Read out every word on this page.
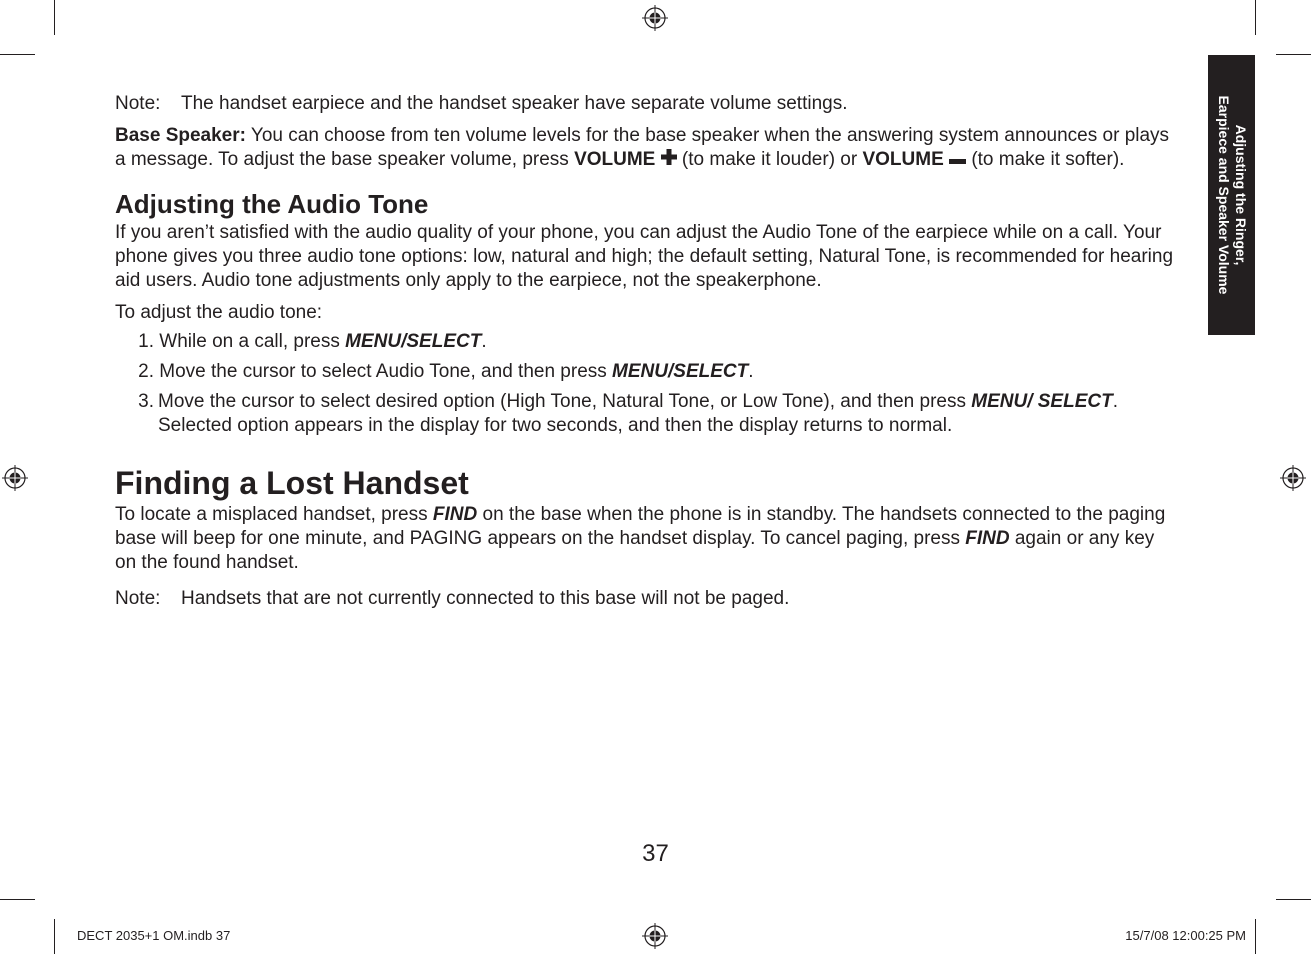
Adjusting the Ringer,
Earpiece and Speaker Volume

Note:	The handset earpiece and the handset speaker have separate volume settings.

Base Speaker: You can choose from ten volume levels for the base speaker when the answering system announces or plays a message. To adjust the base speaker volume, press VOLUME  (to make it louder) or VOLUME  (to make it softer).

Adjusting the Audio Tone

If you aren’t satisfied with the audio quality of your phone, you can adjust the Audio Tone of the earpiece while on a call. Your phone gives you three audio tone options: low, natural and high; the default setting, Natural Tone, is recommended for hearing aid users. Audio tone adjustments only apply to the earpiece, not the speakerphone.

To adjust the audio tone:

1. While on a call, press MENU/SELECT.
2. Move the cursor to select Audio Tone, and then press MENU/SELECT.
3. Move the cursor to select desired option (High Tone, Natural Tone, or Low Tone), and then press MENU/ SELECT. Selected option appears in the display for two seconds, and then the display returns to normal.
Finding a Lost Handset

To locate a misplaced handset, press FIND on the base when the phone is in standby. The handsets connected to the paging base will beep for one minute, and PAGING appears on the handset display. To cancel paging, press FIND again or any key on the found handset.

Note:	Handsets that are not currently connected to this base will not be paged.

37
DECT 2035+1 OM.indb 37	15/7/08 12:00:25 PM
